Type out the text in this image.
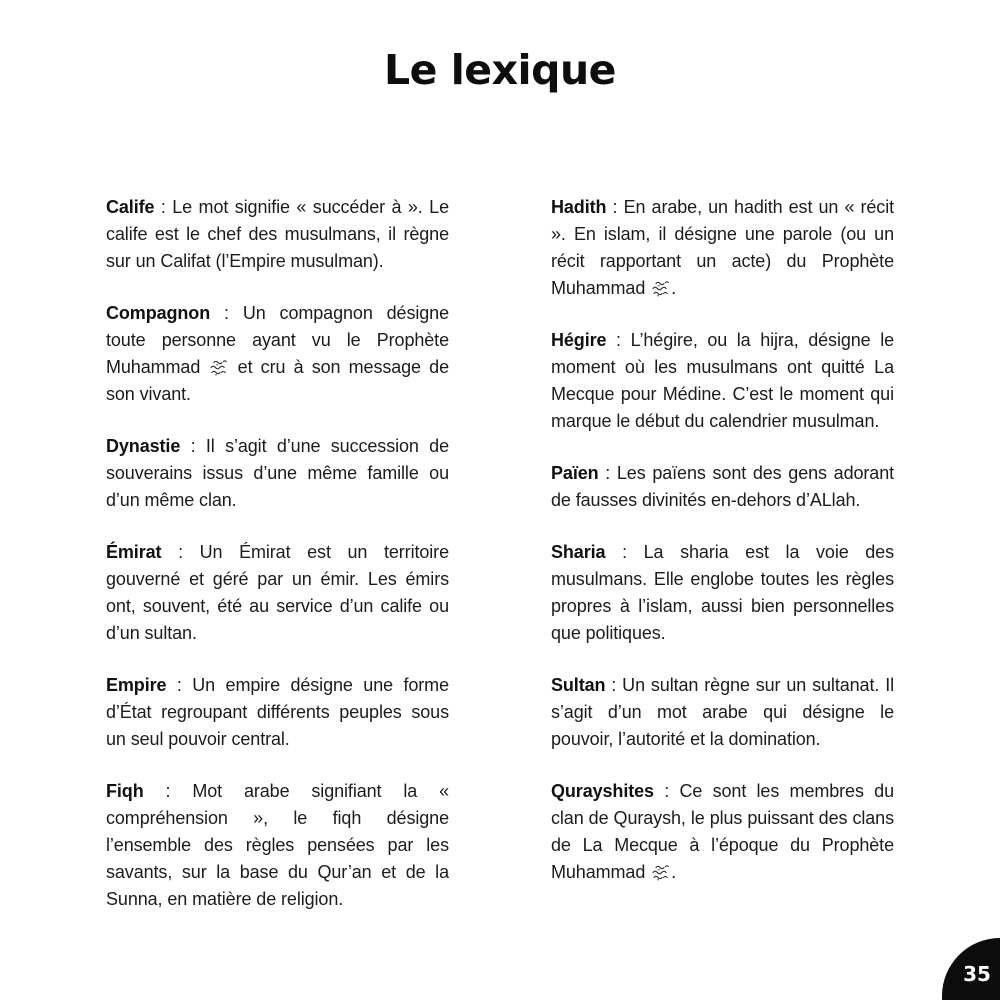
Le lexique

Calife : Le mot signifie « succéder à ». Le calife est le chef des musulmans, il règne sur un Califat (l’Empire musulman).

Compagnon : Un compagnon désigne toute personne ayant vu le Prophète Muhammad  et cru à son message de son vivant.

Dynastie : Il s’agit d’une succession de souverains issus d’une même famille ou d’un même clan.

Émirat : Un Émirat est un territoire gouverné et géré par un émir. Les émirs ont, souvent, été au service d’un calife ou d’un sultan.

Empire : Un empire désigne une forme d’État regroupant différents peuples sous un seul pouvoir central.

Fiqh : Mot arabe signifiant la « compréhension », le fiqh désigne l’ensemble des règles pensées par les savants, sur la base du Qur’an et de la Sunna, en matière de religion.

Hadith : En arabe, un hadith est un « récit ». En islam, il désigne une parole (ou un récit rapportant un acte) du Prophète Muhammad .

Hégire : L’hégire, ou la hijra, désigne le moment où les musulmans ont quitté La Mecque pour Médine. C’est le moment qui marque le début du calendrier musulman.

Païen : Les païens sont des gens adorant de fausses divinités en-dehors d’ALlah.

Sharia : La sharia est la voie des musulmans. Elle englobe toutes les règles propres à l’islam, aussi bien personnelles que politiques.

Sultan : Un sultan règne sur un sultanat. Il s’agit d’un mot arabe qui désigne le pouvoir, l’autorité et la domination.

Qurayshites : Ce sont les membres du clan de Quraysh, le plus puissant des clans de La Mecque à l’époque du Prophète Muhammad .

35
